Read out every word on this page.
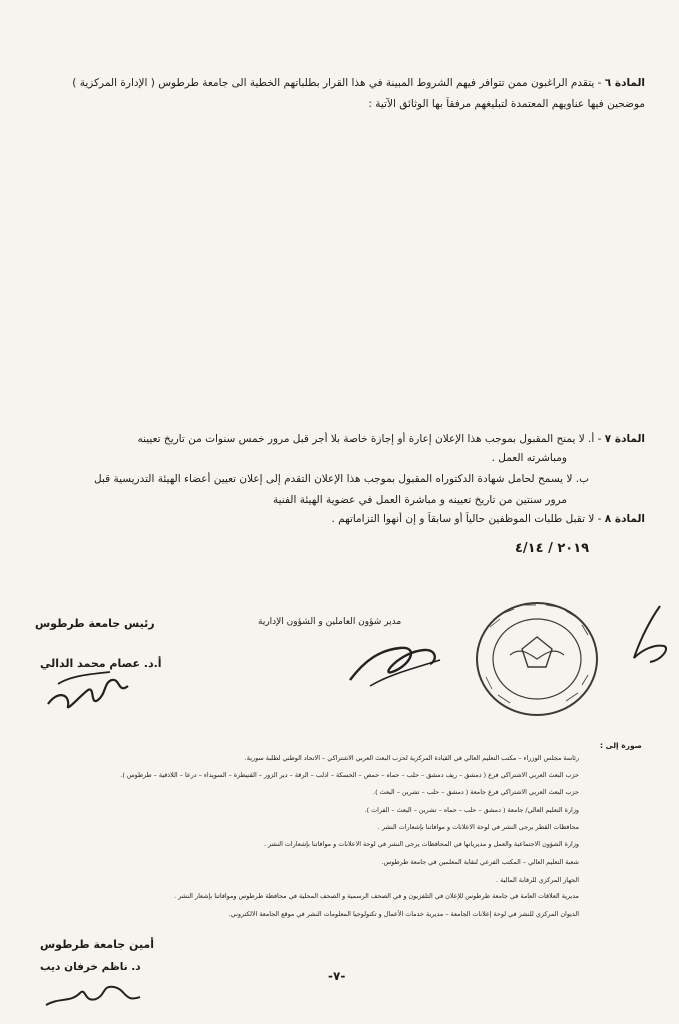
المادة ٦ - يتقدم الراغبون ممن تتوافر فيهم الشروط المبينة في هذا القرار بطلباتهم الخطية الى جامعة طرطوس ( الإدارة المركزية )
موضحين فيها عناويهم المعتمدة لتبليغهم مرفقاً بها الوثائق الآتية :
المادة ٧ - أ. لا يمنح المقبول بموجب هذا الإعلان إعارة أو إجازة خاصة بلا أجر قبل مرور خمس سنوات من تاريخ تعيينه
ومباشرته العمل .
ب. لا يسمح لحامل شهادة الدكتوراه المقبول بموجب هذا الإعلان التقدم إلى إعلان تعيين أعضاء الهيئة التدريسية قبل
مرور سنتين من تاريخ تعيينه و مباشرة العمل في عضوية الهيئة الفنية
المادة ٨ - لا تقبل طلبات الموظفين حالياً أو سابقاً و إن أنهوا التزاماتهم .
٢٠١٩ / ٤/١٤
رئيس جامعة طرطوس
أ.د. عصام محمد الدالي
مدير شؤون العاملين و الشؤون الإدارية
صورة إلى :
رئاسة مجلس الوزراء – مكتب التعليم العالي في القيادة المركزية لحزب البعث العربي الاشتراكي – الاتحاد الوطني لطلبة سورية.
حزب البعث العربي الاشتراكي فرع ( دمشق – ريف دمشق – حلب – حماه – حمص – الحسكة – ادلب – الرقة – دير الزور – القنيطرة – السويداء – درعا – اللاذقية – طرطوس ).
حزب البعث العربي الاشتراكي فرع جامعة ( دمشق – حلب – تشرين – البعث ).
وزارة التعليم العالي/ جامعة ( دمشق – حلب – حماه – تشرين – البعث – الفرات ).
محافظات القطر يرجى النشر في لوحة الاعلانات و موافاتنا بإشعارات النشر .
وزارة الشؤون الاجتماعية والعمل و مديرياتها في المحافظات يرجى النشر في لوحة الاعلانات و موافاتنا بإشعارات النشر .
شعبة التعليم العالي – المكتب الفرعي لنقابة المعلمين في جامعة طرطوس.
الجهاز المركزي للرقابة المالية .
مديرية العلاقات العامة في جامعة طرطوس للإعلان في التلفزيون و في الصحف الرسمية و الصحف المحلية في محافظة طرطوس وموافاتنا بإشعار النشر .
الديوان المركزي للنشر في لوحة إعلانات الجامعة – مديرية خدمات الأعمال و تكنولوجيا المعلومات النشر في موقع الجامعة الالكتروني.
أمين جامعة طرطوس
د. ناظم خرفان ديب
-٧-
